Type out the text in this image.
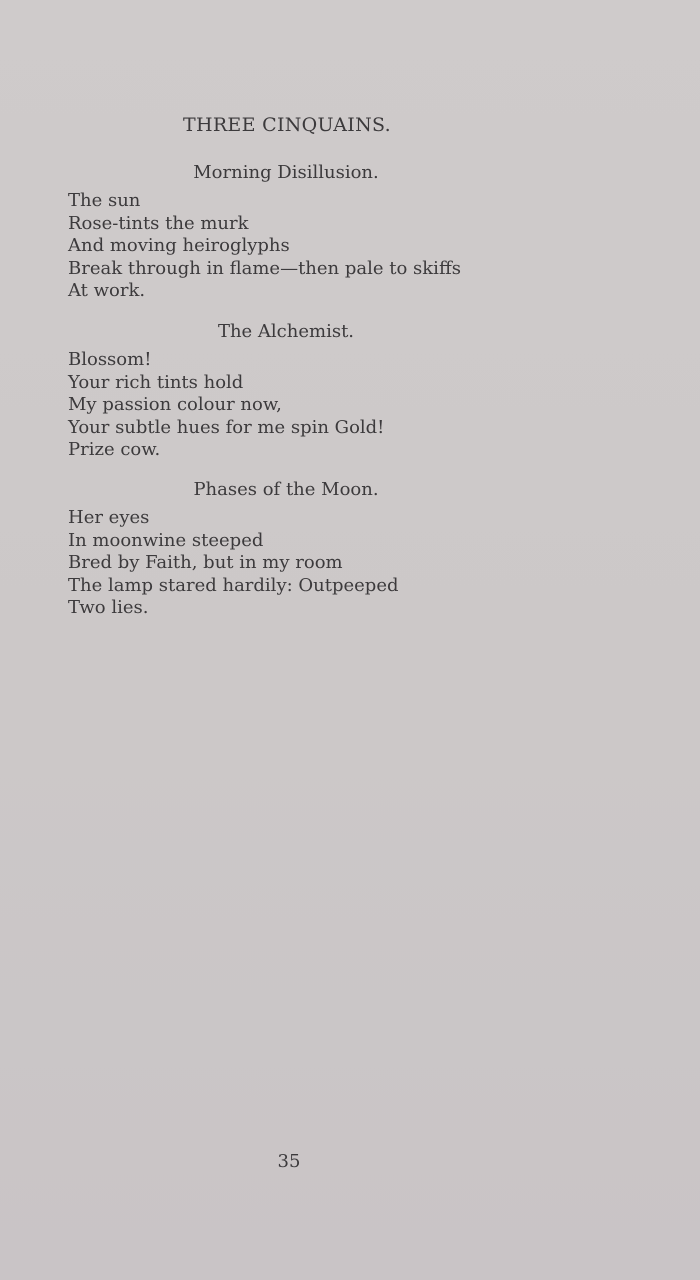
THREE CINQUAINS.
Morning Disillusion.
The sun
Rose-tints the murk
And moving heiroglyphs
Break through in flame—then pale to skiffs
At work.
The Alchemist.
Blossom!
Your rich tints hold
My passion colour now,
Your subtle hues for me spin Gold!
Prize cow.
Phases of the Moon.
Her eyes
In moonwine steeped
Bred by Faith, but in my room
The lamp stared hardily: Outpeeped
Two lies.
35
